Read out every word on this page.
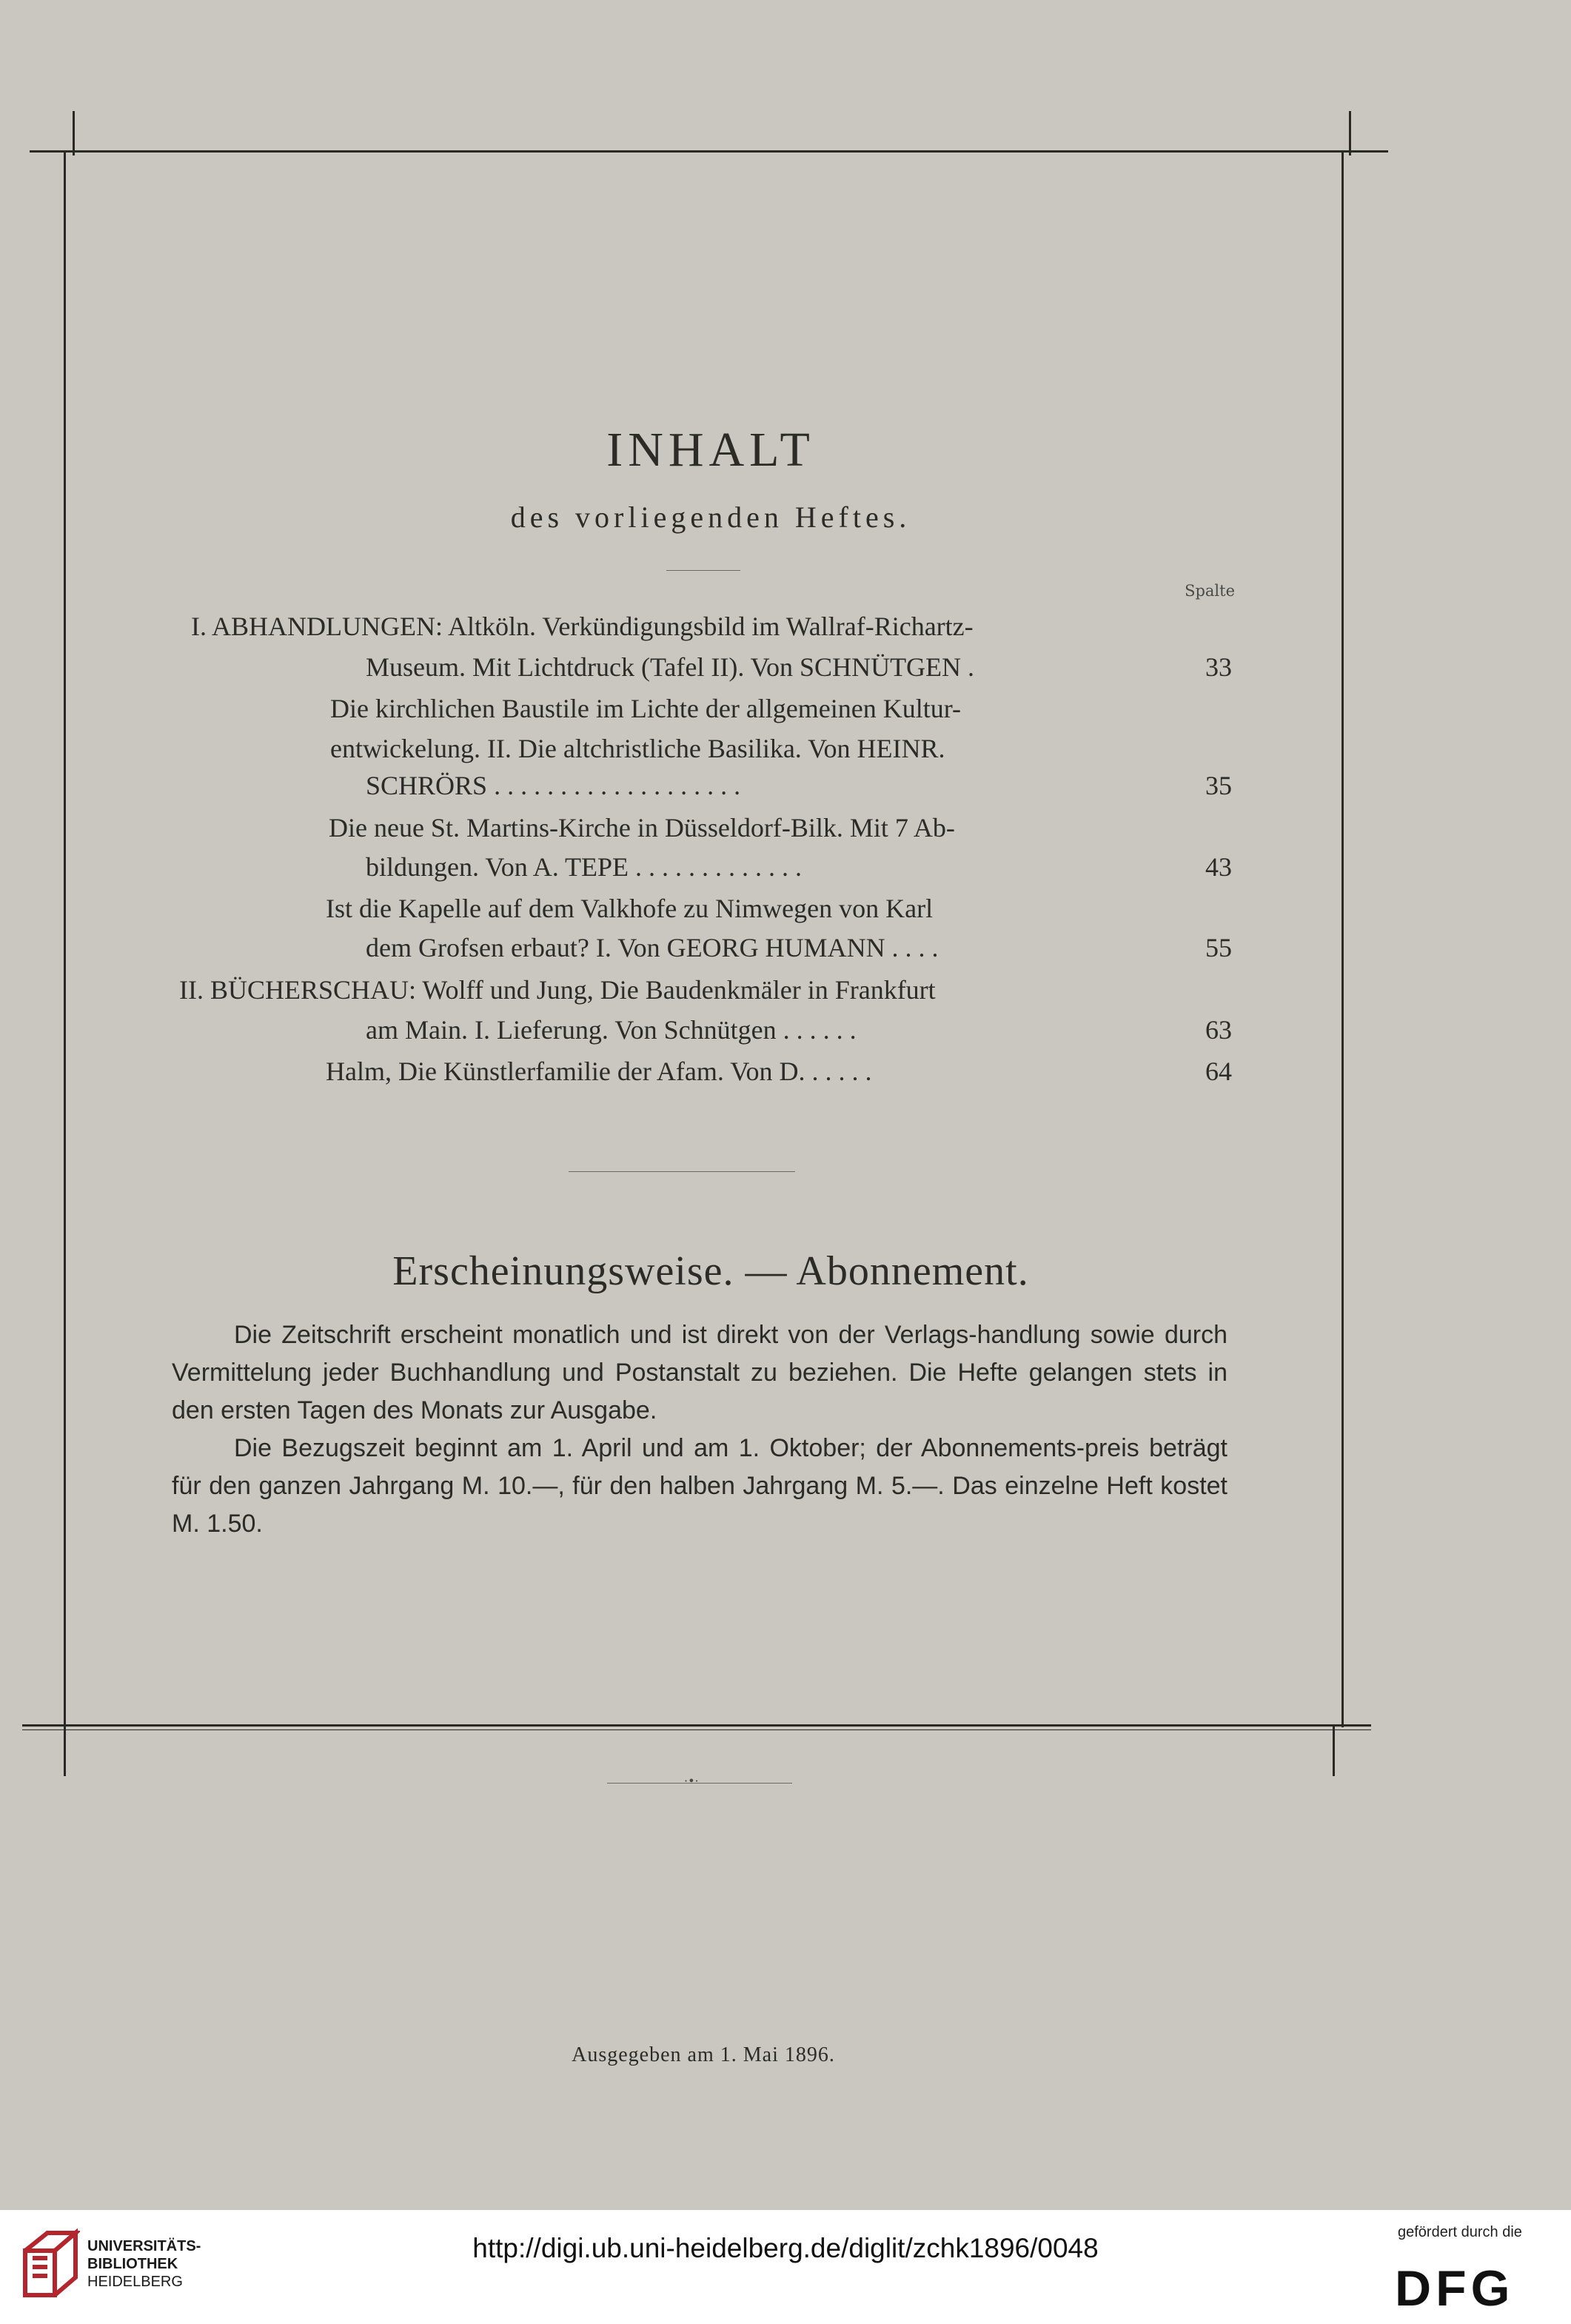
INHALT
des vorliegenden Heftes.
Spalte
I. ABHANDLUNGEN: Altköln. Verkündigungsbild im Wallraf-Richartz-
Museum. Mit Lichtdruck (Tafel II). Von SCHNÜTGEN .	33
Die kirchlichen Baustile im Lichte der allgemeinen Kultur-
entwickelung. II. Die altchristliche Basilika. Von HEINR.
SCHRÖRS . . . . . . . . . . . . . . . . . . .	35
Die neue St. Martins-Kirche in Düsseldorf-Bilk. Mit 7 Ab-
bildungen. Von A. TEPE . . . . . . . . . . . . .	43
Ist die Kapelle auf dem Valkhofe zu Nimwegen von Karl
dem Grofsen erbaut? I. Von GEORG HUMANN . . . .	55
II. BÜCHERSCHAU: Wolff und Jung, Die Baudenkmäler in Frankfurt
am Main. I. Lieferung. Von Schnütgen . . . . . .	63
Halm, Die Künstlerfamilie der Afam. Von D. . . . . .	64
Erscheinungsweise. — Abonnement.

Die Zeitschrift erscheint monatlich und ist direkt von der Verlags-handlung sowie durch Vermittelung jeder Buchhandlung und Postanstalt zu beziehen. Die Hefte gelangen stets in den ersten Tagen des Monats zur Ausgabe.

Die Bezugszeit beginnt am 1. April und am 1. Oktober; der Abonnements-preis beträgt für den ganzen Jahrgang M. 10.—, für den halben Jahrgang M. 5.—. Das einzelne Heft kostet M. 1.50.

·•·
Ausgegeben am 1. Mai 1896.
UNIVERSITÄTS-
BIBLIOTHEK
HEIDELBERG
http://digi.ub.uni-heidelberg.de/diglit/zchk1896/0048
gefördert durch die
DFG
